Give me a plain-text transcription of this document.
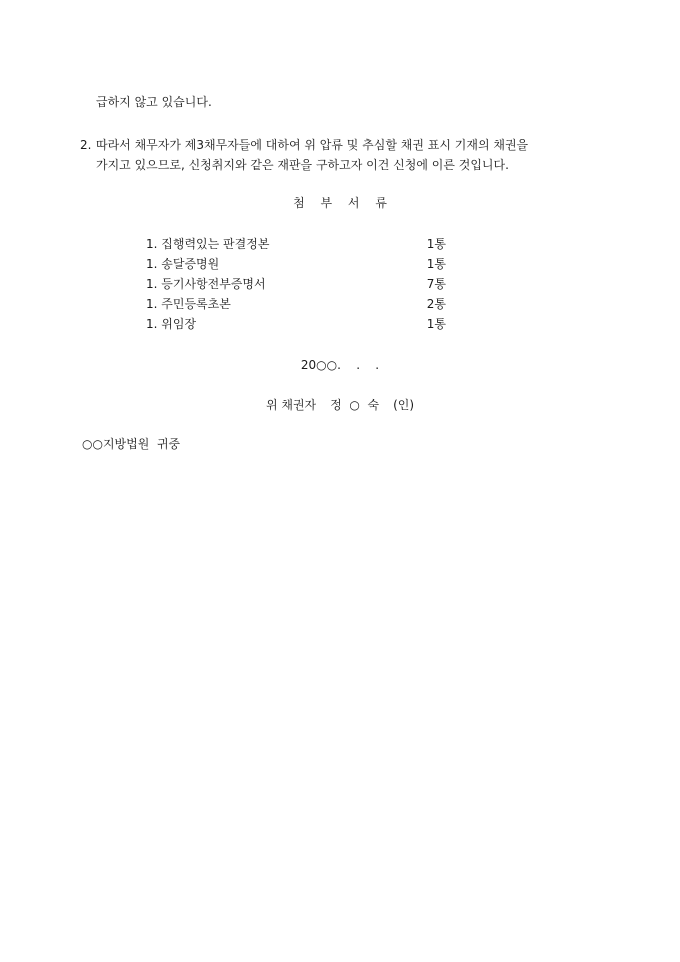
급하지 않고 있습니다.
2. 따라서 채무자가 제3채무자들에 대하여 위 압류 및 추심할 채권 표시 기재의 채권을
가지고 있으므로, 신청취지와 같은 재판을 구하고자 이건 신청에 이른 것입니다.
첨 부 서 류
1. 집행력있는 판결정본	1통
1. 송달증명원	1통
1. 등기사항전부증명서	7통
1. 주민등록초본	2통
1. 위임장	1통
20○○.    .    .
위 채권자 정  ○  숙 (인)
○○지방법원  귀중
